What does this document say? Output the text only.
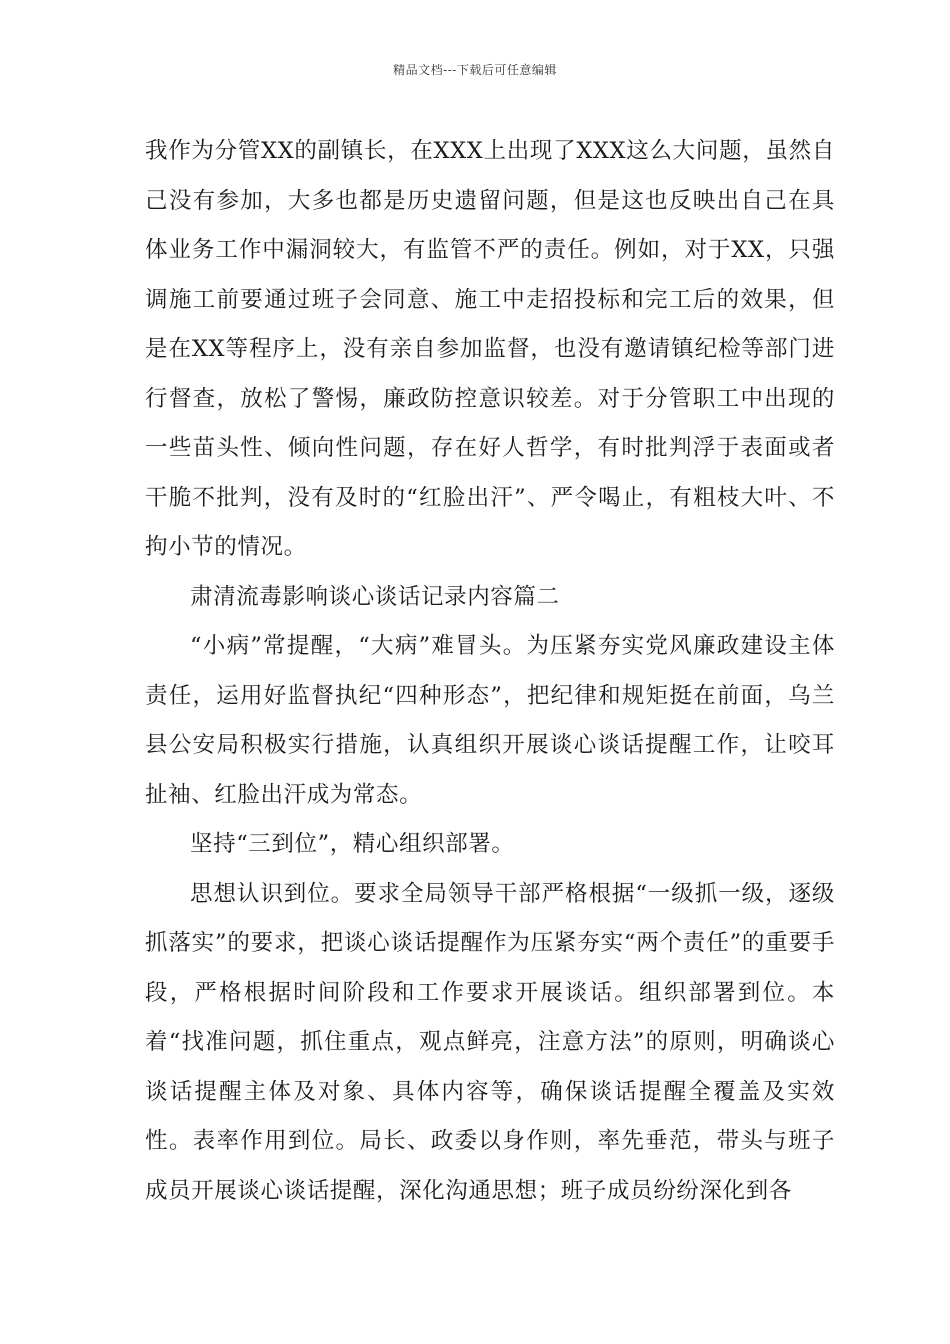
精品文档---下载后可任意编辑

我作为分管XX的副镇长，在XXX上出现了XXX这么大问题，虽然自己没有参加，大多也都是历史遗留问题，但是这也反映出自己在具体业务工作中漏洞较大，有监管不严的责任。例如，对于XX，只强调施工前要通过班子会同意、施工中走招投标和完工后的效果，但是在XX等程序上，没有亲自参加监督，也没有邀请镇纪检等部门进行督查，放松了警惕，廉政防控意识较差。对于分管职工中出现的一些苗头性、倾向性问题，存在好人哲学，有时批判浮于表面或者干脆不批判，没有及时的“红脸出汗”、严令喝止，有粗枝大叶、不拘小节的情况。

肃清流毒影响谈心谈话记录内容篇二

“小病”常提醒，“大病”难冒头。为压紧夯实党风廉政建设主体责任，运用好监督执纪“四种形态”，把纪律和规矩挺在前面，乌兰县公安局积极实行措施，认真组织开展谈心谈话提醒工作，让咬耳扯袖、红脸出汗成为常态。

坚持“三到位”，精心组织部署。

思想认识到位。要求全局领导干部严格根据“一级抓一级，逐级抓落实”的要求，把谈心谈话提醒作为压紧夯实“两个责任”的重要手段，严格根据时间阶段和工作要求开展谈话。组织部署到位。本着“找准问题，抓住重点，观点鲜亮，注意方法”的原则，明确谈心谈话提醒主体及对象、具体内容等，确保谈话提醒全覆盖及实效性。表率作用到位。局长、政委以身作则，率先垂范，带头与班子成员开展谈心谈话提醒，深化沟通思想；班子成员纷纷深化到各
